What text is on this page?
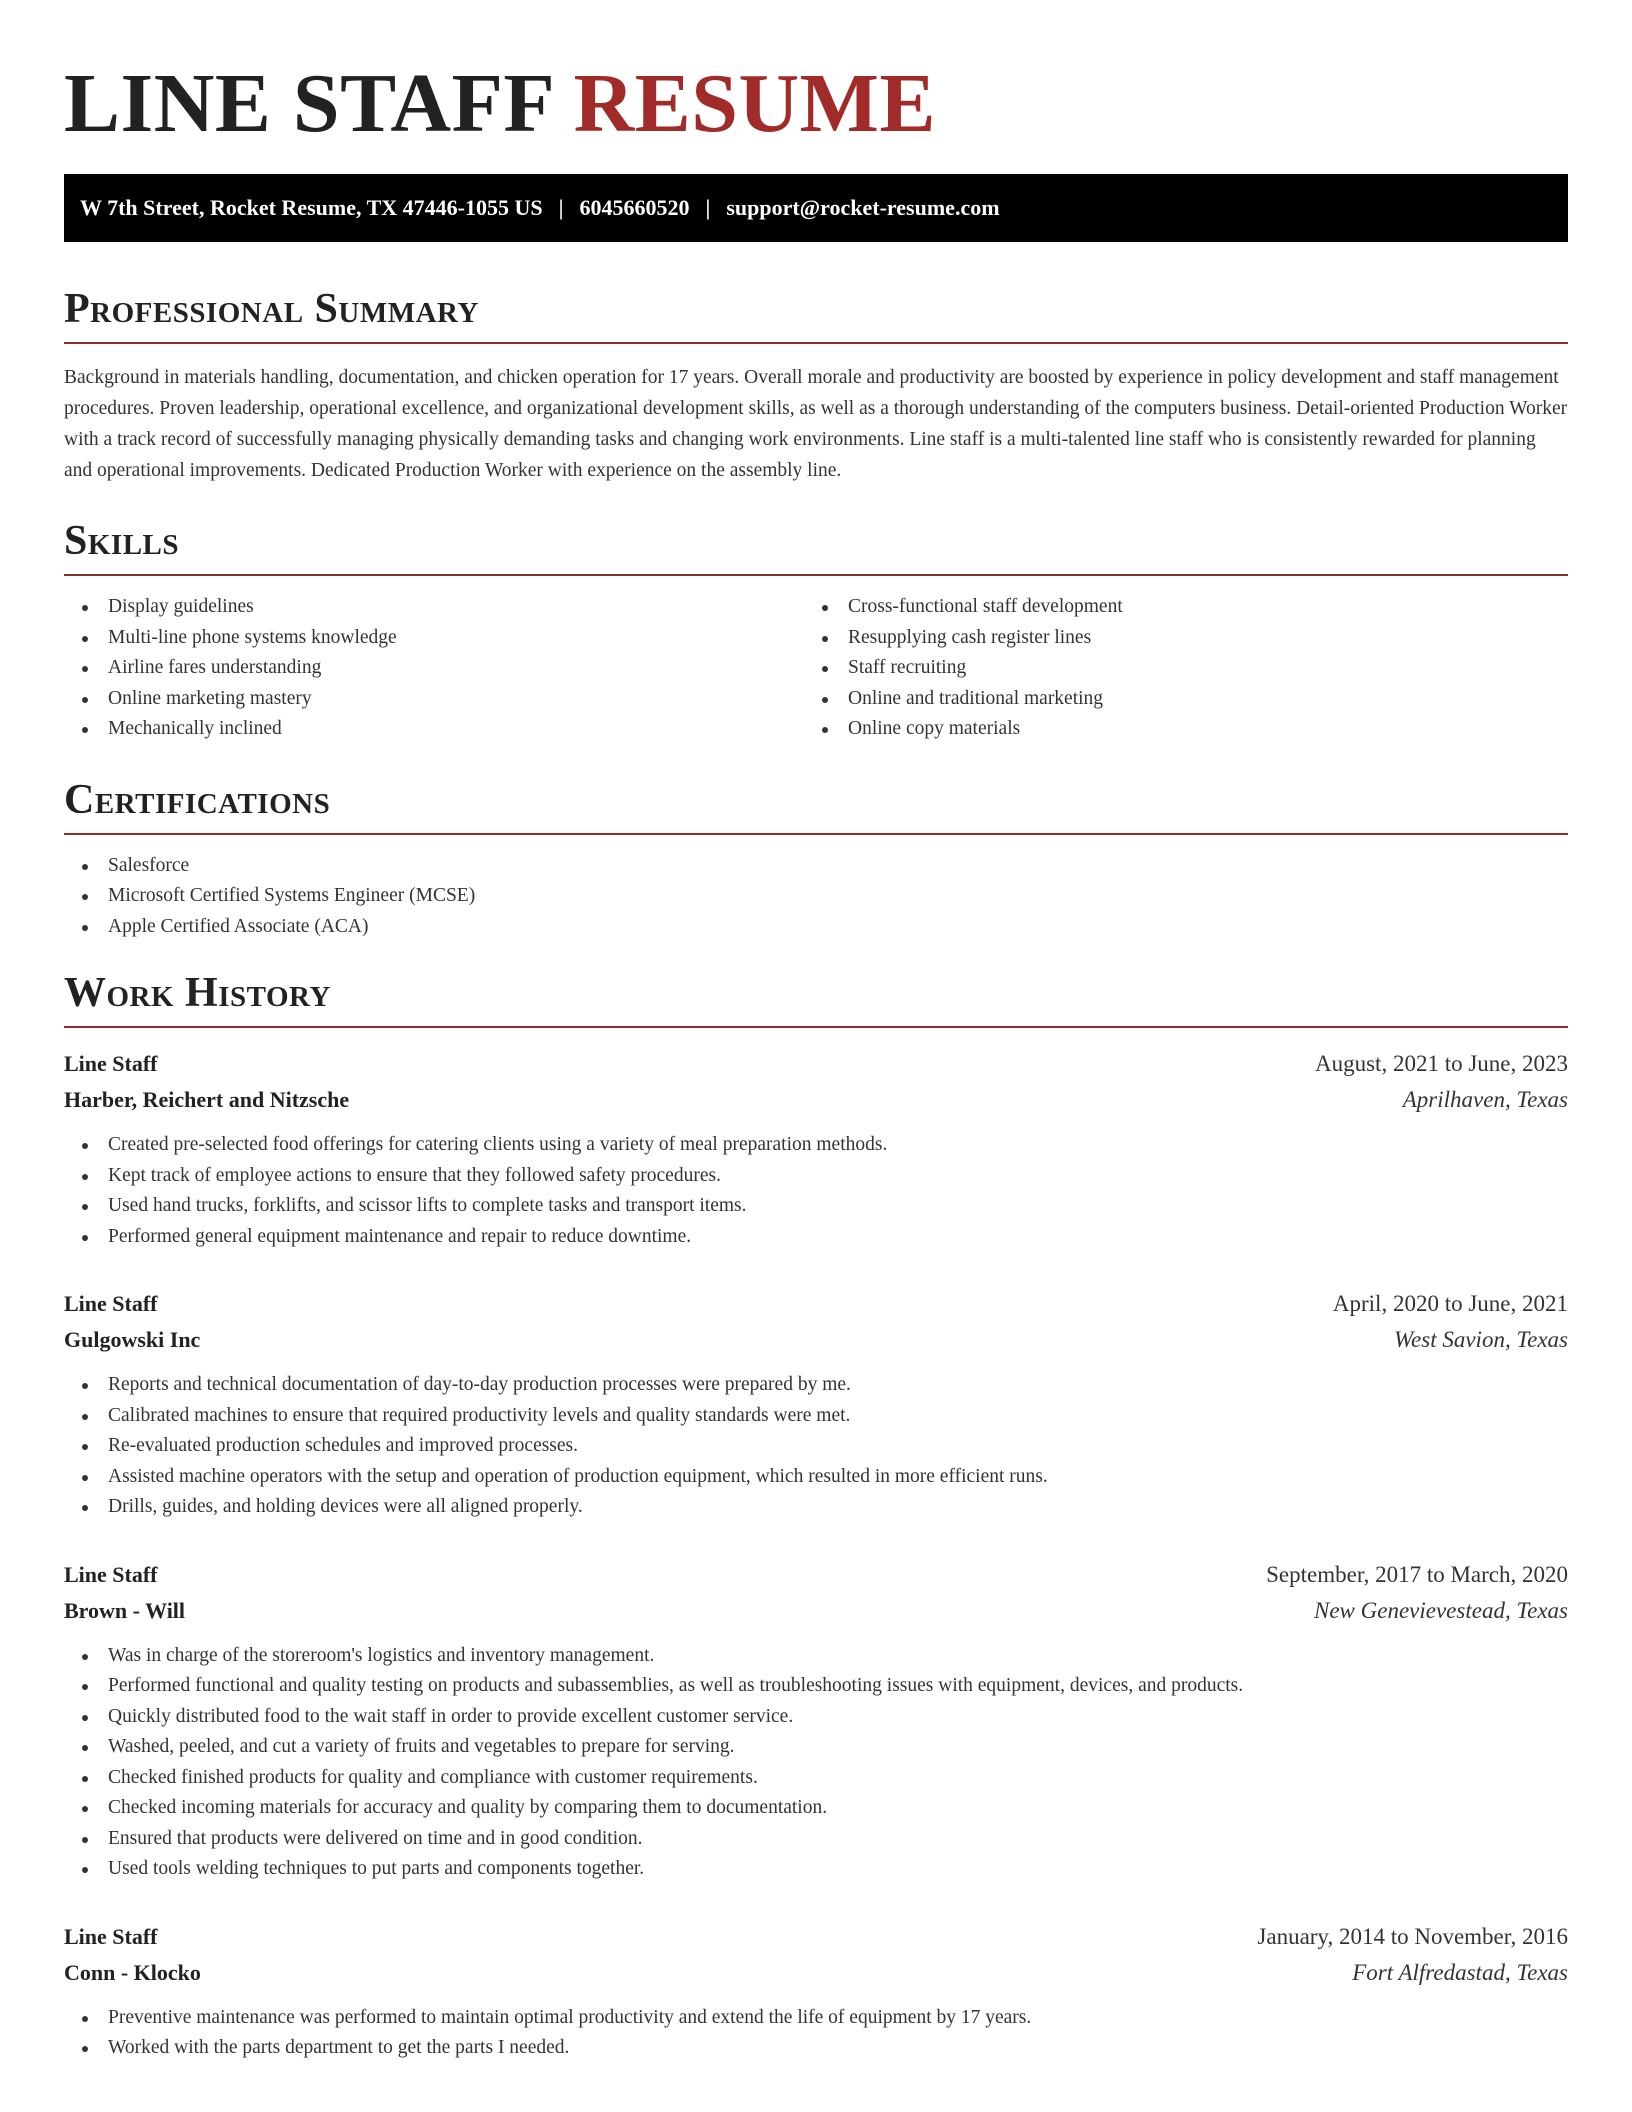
LINE STAFF RESUME
W 7th Street, Rocket Resume, TX 47446-1055 US | 6045660520 | support@rocket-resume.com
Professional Summary

Background in materials handling, documentation, and chicken operation for 17 years. Overall morale and productivity are boosted by experience in policy development and staff management procedures. Proven leadership, operational excellence, and organizational development skills, as well as a thorough understanding of the computers business. Detail-oriented Production Worker with a track record of successfully managing physically demanding tasks and changing work environments. Line staff is a multi-talented line staff who is consistently rewarded for planning and operational improvements. Dedicated Production Worker with experience on the assembly line.

Skills
Display guidelines
Multi-line phone systems knowledge
Airline fares understanding
Online marketing mastery
Mechanically inclined
Cross-functional staff development
Resupplying cash register lines
Staff recruiting
Online and traditional marketing
Online copy materials
Certifications
Salesforce
Microsoft Certified Systems Engineer (MCSE)
Apple Certified Associate (ACA)
Work History
Line Staff	August, 2021 to June, 2023
Harber, Reichert and Nitzsche	Aprilhaven, Texas
Created pre-selected food offerings for catering clients using a variety of meal preparation methods.
Kept track of employee actions to ensure that they followed safety procedures.
Used hand trucks, forklifts, and scissor lifts to complete tasks and transport items.
Performed general equipment maintenance and repair to reduce downtime.
Line Staff	April, 2020 to June, 2021
Gulgowski Inc	West Savion, Texas
Reports and technical documentation of day-to-day production processes were prepared by me.
Calibrated machines to ensure that required productivity levels and quality standards were met.
Re-evaluated production schedules and improved processes.
Assisted machine operators with the setup and operation of production equipment, which resulted in more efficient runs.
Drills, guides, and holding devices were all aligned properly.
Line Staff	September, 2017 to March, 2020
Brown - Will	New Genevievestead, Texas
Was in charge of the storeroom's logistics and inventory management.
Performed functional and quality testing on products and subassemblies, as well as troubleshooting issues with equipment, devices, and products.
Quickly distributed food to the wait staff in order to provide excellent customer service.
Washed, peeled, and cut a variety of fruits and vegetables to prepare for serving.
Checked finished products for quality and compliance with customer requirements.
Checked incoming materials for accuracy and quality by comparing them to documentation.
Ensured that products were delivered on time and in good condition.
Used tools welding techniques to put parts and components together.
Line Staff	January, 2014 to November, 2016
Conn - Klocko	Fort Alfredastad, Texas
Preventive maintenance was performed to maintain optimal productivity and extend the life of equipment by 17 years.
Worked with the parts department to get the parts I needed.
